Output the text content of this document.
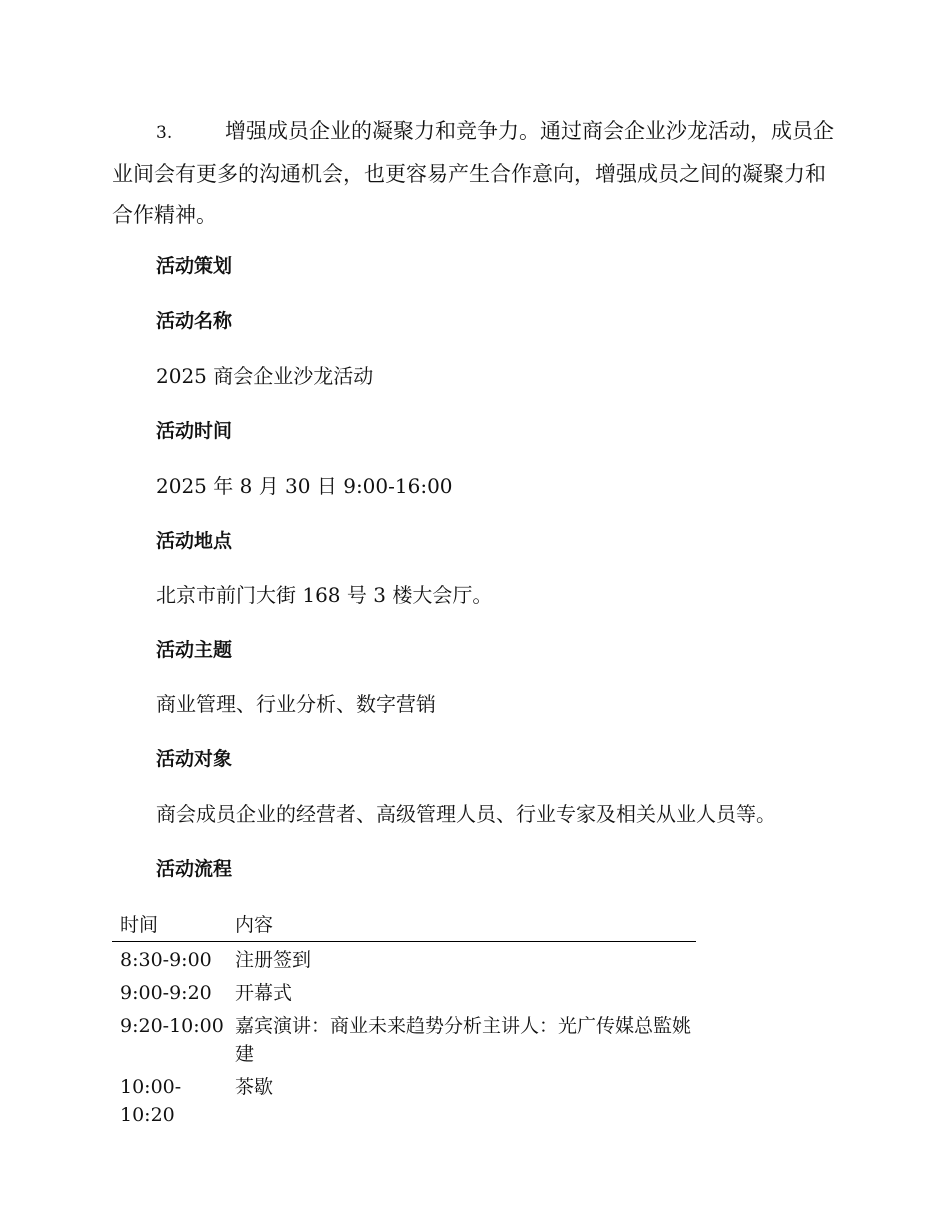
3.	增强成员企业的凝聚力和竞争力。通过商会企业沙龙活动，成员企业间会有更多的沟通机会，也更容易产生合作意向，增强成员之间的凝聚力和合作精神。

活动策划

活动名称

2025 商会企业沙龙活动

活动时间

2025 年 8 月 30 日 9:00-16:00

活动地点

北京市前门大街 168 号 3 楼大会厅。

活动主题

商业管理、行业分析、数字营销

活动对象

商会成员企业的经营者、高级管理人员、行业专家及相关从业人员等。

活动流程

时间	内容
8:30-9:00	注册签到
9:00-9:20	开幕式
9:20-10:00	嘉宾演讲：商业未来趋势分析主讲人：光广传媒总監姚建
10:00-10:20	茶歇
